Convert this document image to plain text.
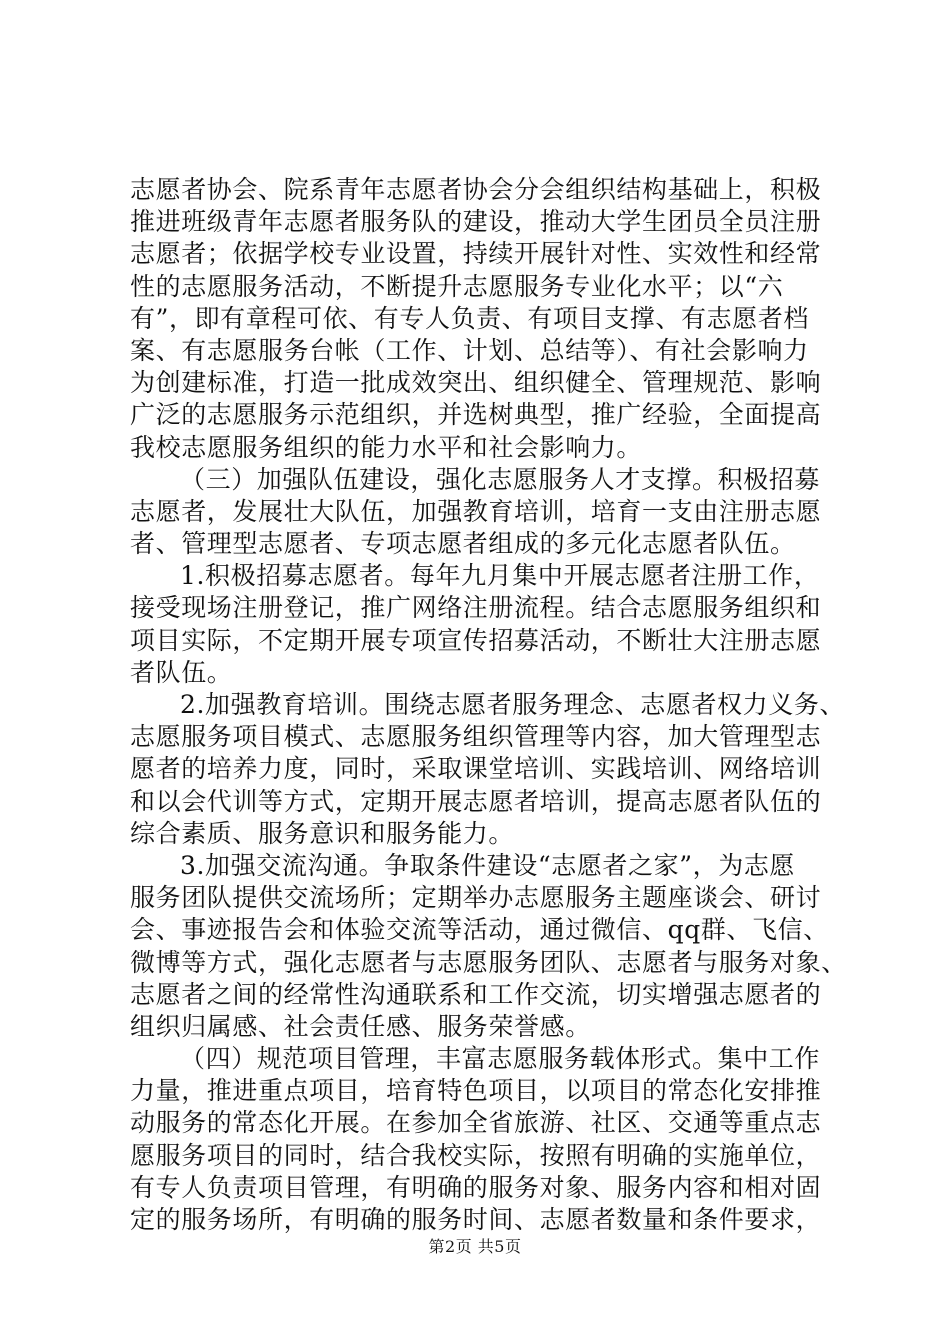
志愿者协会、院系青年志愿者协会分会组织结构基础上，积极
推进班级青年志愿者服务队的建设，推动大学生团员全员注册
志愿者；依据学校专业设置，持续开展针对性、实效性和经常
性的志愿服务活动，不断提升志愿服务专业化水平；以“六
有”，即有章程可依、有专人负责、有项目支撑、有志愿者档
案、有志愿服务台帐（工作、计划、总结等）、有社会影响力
为创建标准，打造一批成效突出、组织健全、管理规范、影响
广泛的志愿服务示范组织，并选树典型，推广经验，全面提高
我校志愿服务组织的能力水平和社会影响力。
（三）加强队伍建设，强化志愿服务人才支撑。积极招募
志愿者，发展壮大队伍，加强教育培训，培育一支由注册志愿
者、管理型志愿者、专项志愿者组成的多元化志愿者队伍。
1.积极招募志愿者。每年九月集中开展志愿者注册工作，
接受现场注册登记，推广网络注册流程。结合志愿服务组织和
项目实际，不定期开展专项宣传招募活动，不断壮大注册志愿
者队伍。
2.加强教育培训。围绕志愿者服务理念、志愿者权力义务、
志愿服务项目模式、志愿服务组织管理等内容，加大管理型志
愿者的培养力度，同时，采取课堂培训、实践培训、网络培训
和以会代训等方式，定期开展志愿者培训，提高志愿者队伍的
综合素质、服务意识和服务能力。
3.加强交流沟通。争取条件建设“志愿者之家”，为志愿
服务团队提供交流场所；定期举办志愿服务主题座谈会、研讨
会、事迹报告会和体验交流等活动，通过微信、qq群、飞信、
微博等方式，强化志愿者与志愿服务团队、志愿者与服务对象、
志愿者之间的经常性沟通联系和工作交流，切实增强志愿者的
组织归属感、社会责任感、服务荣誉感。
（四）规范项目管理，丰富志愿服务载体形式。集中工作
力量，推进重点项目，培育特色项目，以项目的常态化安排推
动服务的常态化开展。在参加全省旅游、社区、交通等重点志
愿服务项目的同时，结合我校实际，按照有明确的实施单位，
有专人负责项目管理，有明确的服务对象、服务内容和相对固
定的服务场所，有明确的服务时间、志愿者数量和条件要求，
第2页 共5页
